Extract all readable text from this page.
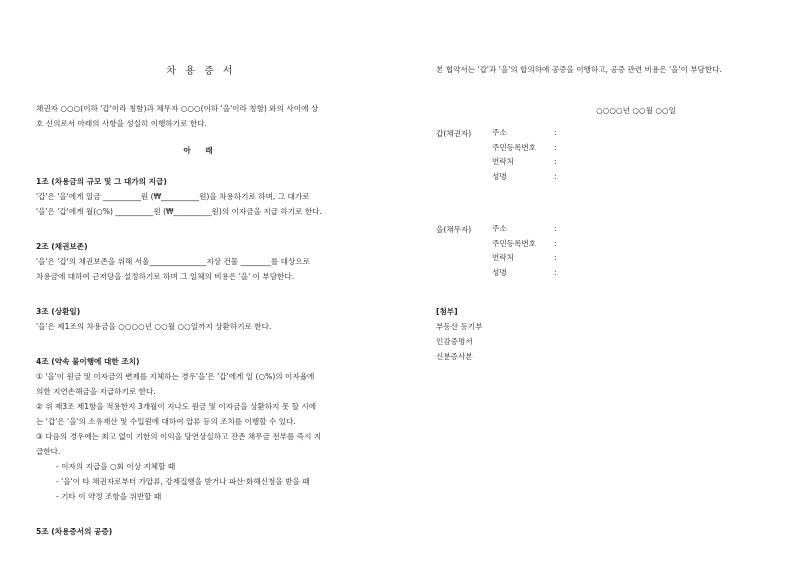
차 용 증 서

채권자 ○○○(이하 '갑'이라 칭함)과 채무자 ○○○(이하 '을'이라 칭함) 와의 사이에 상

호 신의로서 아래의 사항을 성실히 이행하기로 한다.

아 래
1조 (차용금의 규모 및 그 대가의 지급)

'갑'은 '을'에게 일금 __________원 (₩__________원)을 차용하기로 하며, 그 대가로

'을'은 '갑'에게 월(○%) __________원 (₩__________원)의 이자금을 지급 하기로 한다.

2조 (채권보존)

'을'은 '갑'의 채권보존을 위해 서울_______________지상 건물 ________를 대상으로

차용금에 대하여 근저당을 설정하기로 하며 그 일체의 비용은 '을' 이 부담한다.

3조 (상환일)

'을'은 제1조의 차용금을 ○○○○년 ○○월 ○○일까지 상환하기로 한다.

4조 (약속 불이행에 대한 조치)

① '을'이 원금 및 이자금의 변제를 지체하는 경우'을'은 '갑'에게 일 (○%)의 이자율에

의한 지연손해금을 지급하기로 한다.

② 위 제3조 제1항을 적용한지 3개월이 지나도 원금 및 이자금을 상환하지 못 할 시에

는 '갑'은 '을'의 소유재산 및 수입원에 대하여 압류 등의 조치를 이행할 수 있다.

③ 다음의 경우에는 최고 없이 기한의 이익을 당연상실하고 잔존 채무금 전부를 즉시 지

급한다.

- 이자의 지급을 ○회 이상 지체할 때

- '을'이 타 채권자로부터 가압류, 강제집행을 받거나 파산·화해신청을 받을 때

- 기타 이 약정 조항을 위반할 때

5조 (차용증서의 공증)

본 협약서는 '갑'과 '을'의 합의하에 공증을 이행하고, 공증 관련 비용은 '을'이 부담한다.

○○○○년 ○○월 ○○일

갑(채권자)	주소	:
주민등록번호	:
연락처	:
성명	:
을(채무자)	주소	:
주민등록번호	:
연락처	:
성명	:
[첨부]
부동산 등기부
인감증명서
신분증사본
